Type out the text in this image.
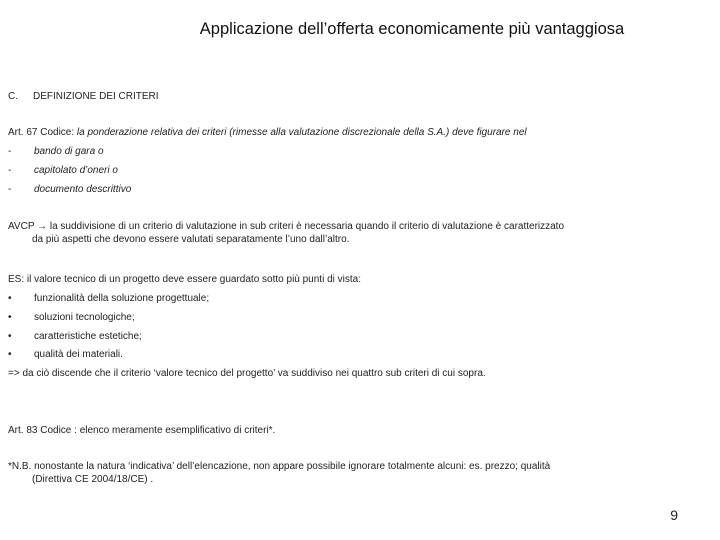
Applicazione dell’offerta economicamente più vantaggiosa
C. DEFINIZIONE DEI CRITERI
Art. 67 Codice: la ponderazione relativa dei criteri (rimesse alla valutazione discrezionale della S.A.) deve figurare nel
- bando di gara o
- capitolato d’oneri o
- documento descrittivo
AVCP → la suddivisione di un criterio di valutazione in sub criteri è necessaria quando il criterio di valutazione è caratterizzato
da più aspetti che devono essere valutati separatamente l’uno dall’altro.
ES: il valore tecnico di un progetto deve essere guardato sotto più punti di vista:
• funzionalità della soluzione progettuale;
• soluzioni tecnologiche;
• caratteristiche estetiche;
• qualità dei materiali.
=> da ciò discende che il criterio ‘valore tecnico del progetto’ va suddiviso nei quattro sub criteri di cui sopra.
Art. 83 Codice : elenco meramente esemplificativo di criteri*.
*N.B. nonostante la natura ‘indicativa’ dell’elencazione, non appare possibile ignorare totalmente alcuni: es. prezzo; qualità
(Direttiva CE 2004/18/CE) .
9
